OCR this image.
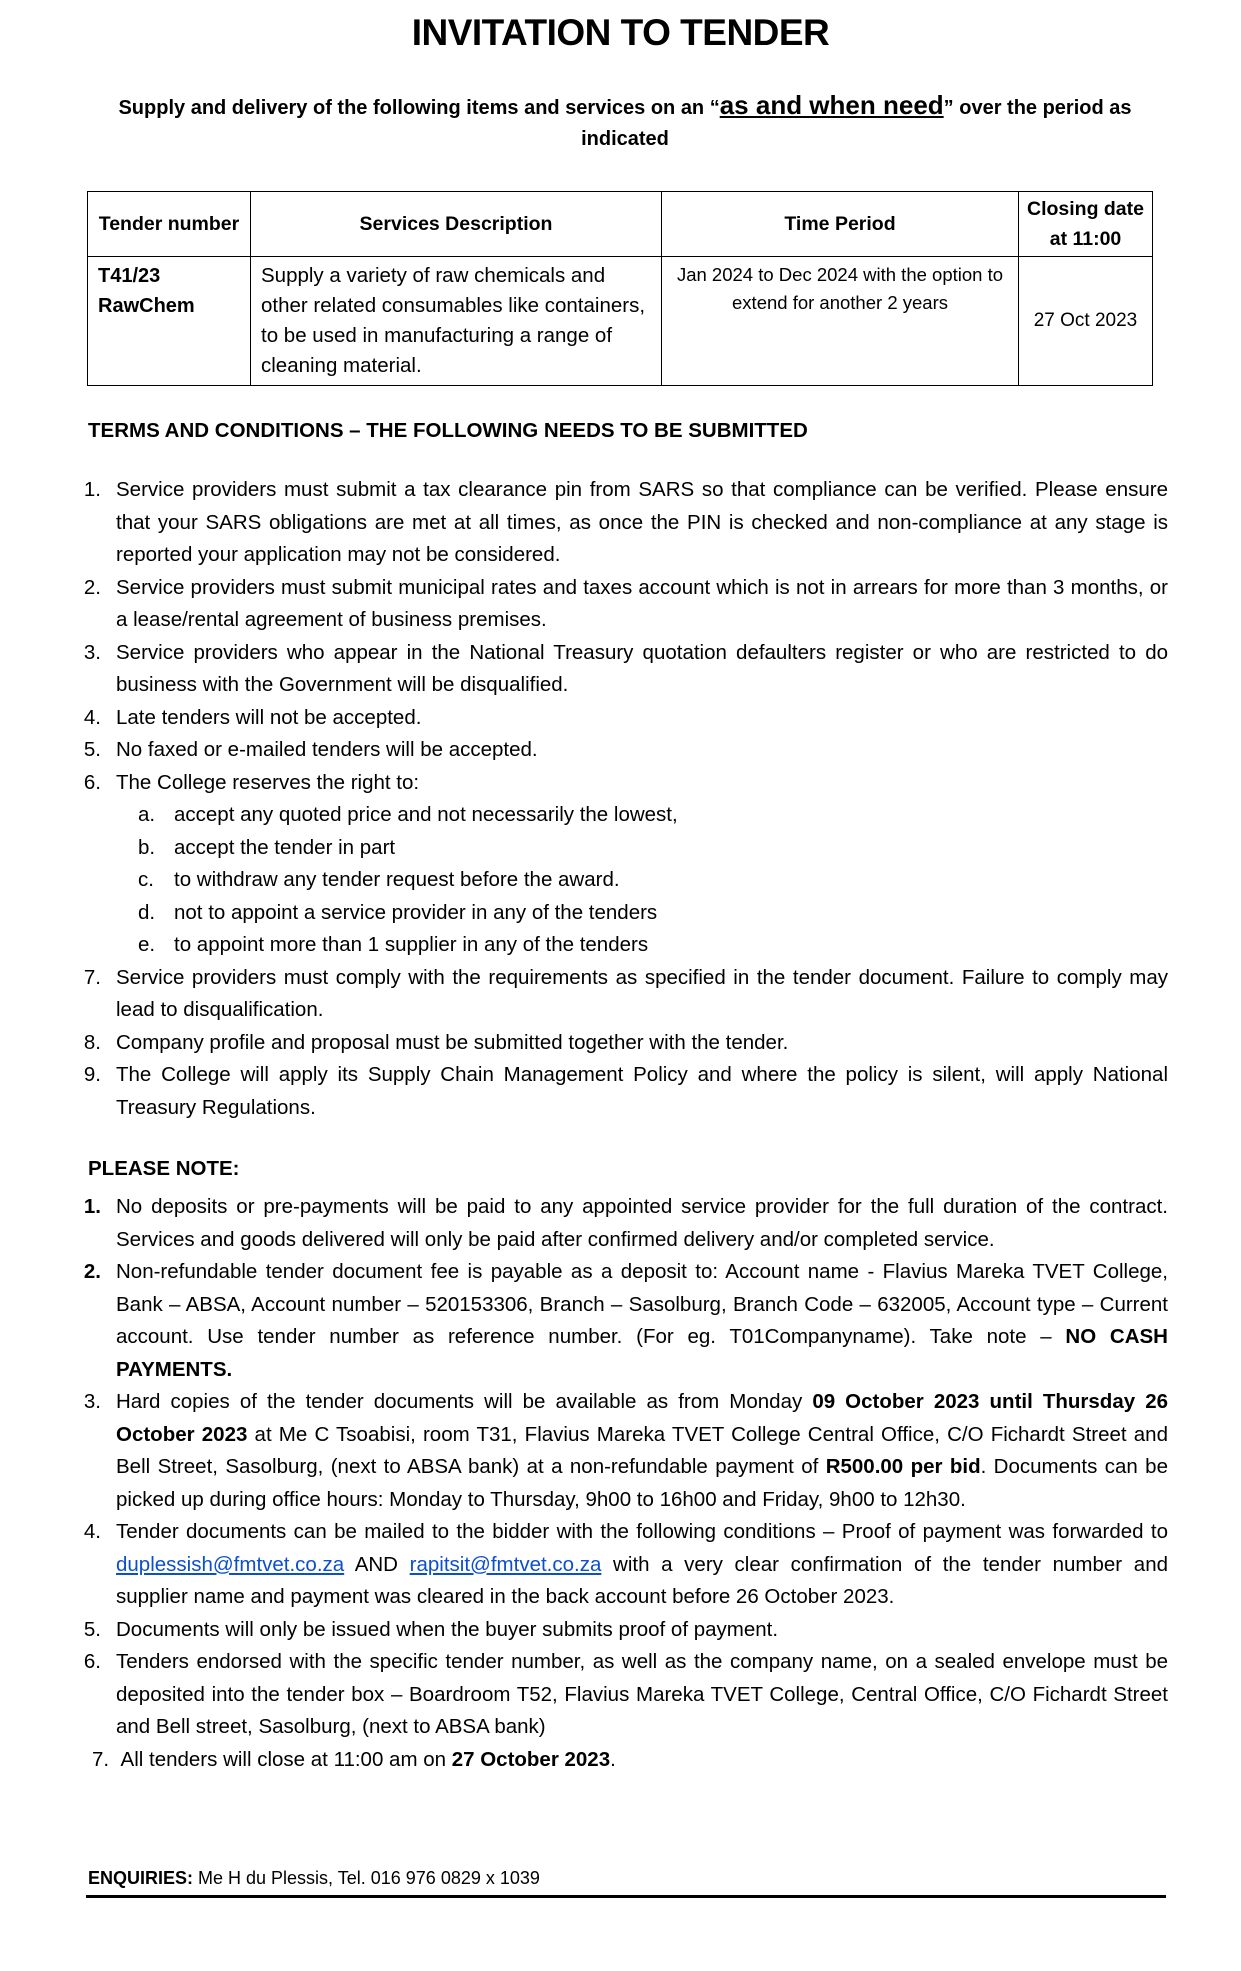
INVITATION TO TENDER
Supply and delivery of the following items and services on an “as and when need” over the period as indicated
Tender number	Services Description	Time Period	Closing date at 11:00
T41/23 RawChem	Supply a variety of raw chemicals and other related consumables like containers, to be used in manufacturing a range of cleaning material.	Jan 2024 to Dec 2024 with the option to extend for another 2 years	27 Oct 2023
TERMS AND CONDITIONS – THE FOLLOWING NEEDS TO BE SUBMITTED
1. Service providers must submit a tax clearance pin from SARS so that compliance can be verified. Please ensure that your SARS obligations are met at all times, as once the PIN is checked and non-compliance at any stage is reported your application may not be considered.
2. Service providers must submit municipal rates and taxes account which is not in arrears for more than 3 months, or a lease/rental agreement of business premises.
3. Service providers who appear in the National Treasury quotation defaulters register or who are restricted to do business with the Government will be disqualified.
4. Late tenders will not be accepted.
5. No faxed or e-mailed tenders will be accepted.
6. The College reserves the right to:
a. accept any quoted price and not necessarily the lowest,
b. accept the tender in part
c. to withdraw any tender request before the award.
d. not to appoint a service provider in any of the tenders
e. to appoint more than 1 supplier in any of the tenders
7. Service providers must comply with the requirements as specified in the tender document. Failure to comply may lead to disqualification.
8. Company profile and proposal must be submitted together with the tender.
9. The College will apply its Supply Chain Management Policy and where the policy is silent, will apply National Treasury Regulations.
PLEASE NOTE:
1. No deposits or pre-payments will be paid to any appointed service provider for the full duration of the contract. Services and goods delivered will only be paid after confirmed delivery and/or completed service.
2. Non-refundable tender document fee is payable as a deposit to: Account name - Flavius Mareka TVET College, Bank – ABSA, Account number – 520153306, Branch – Sasolburg, Branch Code – 632005, Account type – Current account. Use tender number as reference number. (For eg. T01Companyname). Take note – NO CASH PAYMENTS.
3. Hard copies of the tender documents will be available as from Monday 09 October 2023 until Thursday 26 October 2023 at Me C Tsoabisi, room T31, Flavius Mareka TVET College Central Office, C/O Fichardt Street and Bell Street, Sasolburg, (next to ABSA bank) at a non-refundable payment of R500.00 per bid. Documents can be picked up during office hours: Monday to Thursday, 9h00 to 16h00 and Friday, 9h00 to 12h30.
4. Tender documents can be mailed to the bidder with the following conditions – Proof of payment was forwarded to duplessish@fmtvet.co.za AND rapitsit@fmtvet.co.za with a very clear confirmation of the tender number and supplier name and payment was cleared in the back account before 26 October 2023.
5. Documents will only be issued when the buyer submits proof of payment.
6. Tenders endorsed with the specific tender number, as well as the company name, on a sealed envelope must be deposited into the tender box – Boardroom T52, Flavius Mareka TVET College, Central Office, C/O Fichardt Street and Bell street, Sasolburg, (next to ABSA bank)
7. All tenders will close at 11:00 am on 27 October 2023.
ENQUIRIES: Me H du Plessis, Tel. 016 976 0829 x 1039
